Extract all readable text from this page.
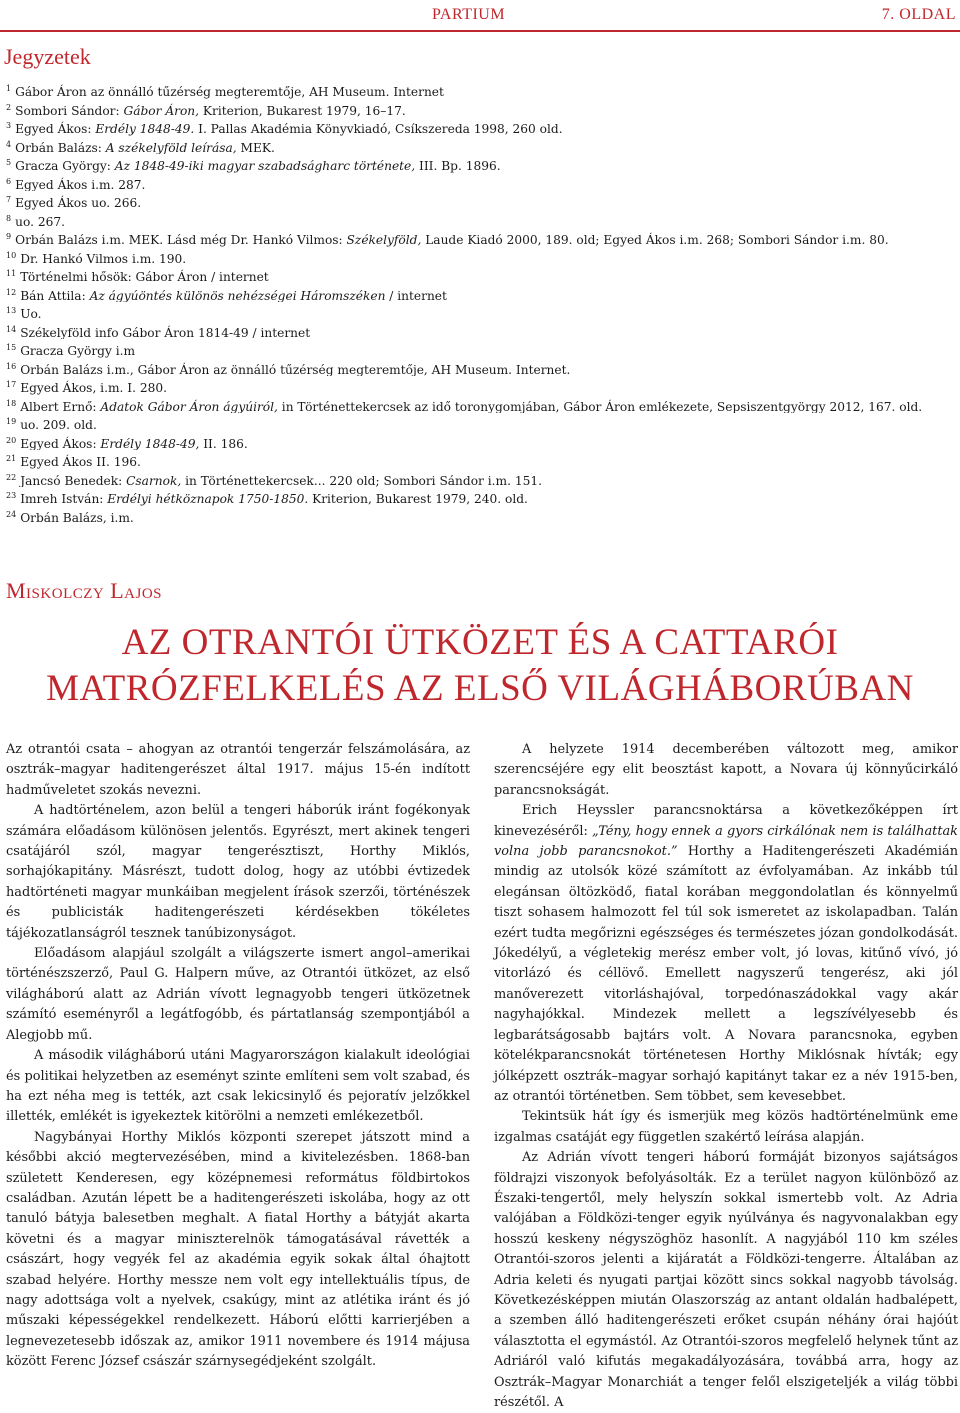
PARTIUM	7. OLDAL
Jegyzetek
$^1$ Gábor Áron az önnálló tűzérség megteremtője, AH Museum. Internet
$^2$ Sombori Sándor: Gábor Áron, Kriterion, Bukarest 1979, 16–17.
$^3$ Egyed Ákos: Erdély 1848-49. I. Pallas Akadémia Könyvkiadó, Csíkszereda 1998, 260 old.
$^4$ Orbán Balázs: A székelyföld leírása, MEK.
$^5$ Gracza György: Az 1848-49-iki magyar szabadságharc története, III. Bp. 1896.
$^6$ Egyed Ákos i.m. 287.
$^7$ Egyed Ákos uo. 266.
$^8$ uo. 267.
$^9$ Orbán Balázs i.m. MEK. Lásd még Dr. Hankó Vilmos: Székelyföld, Laude Kiadó 2000, 189. old; Egyed Ákos i.m. 268; Sombori Sándor i.m. 80.
$^{10}$ Dr. Hankó Vilmos i.m. 190.
$^{11}$ Történelmi hősök: Gábor Áron / internet
$^{12}$ Bán Attila: Az ágyúöntés különös nehézségei Háromszéken / internet
$^{13}$ Uo.
$^{14}$ Székelyföld info Gábor Áron 1814-49 / internet
$^{15}$ Gracza György i.m
$^{16}$ Orbán Balázs i.m., Gábor Áron az önnálló tűzérség megteremtője, AH Museum. Internet.
$^{17}$ Egyed Ákos, i.m. I. 280.
$^{18}$ Albert Ernő: Adatok Gábor Áron ágyúiról, in Történettekercsek az idő toronygomjában, Gábor Áron emlékezete, Sepsiszentgyörgy 2012, 167. old.
$^{19}$ uo. 209. old.
$^{20}$ Egyed Ákos: Erdély 1848-49, II. 186.
$^{21}$ Egyed Ákos II. 196.
$^{22}$ Jancsó Benedek: Csarnok, in Történettekercsek... 220 old; Sombori Sándor i.m. 151.
$^{23}$ Imreh István: Erdélyi hétköznapok 1750-1850. Kriterion, Bukarest 1979, 240. old.
$^{24}$ Orbán Balázs, i.m.
Miskolczy Lajos
AZ OTRANTÓI ÜTKÖZET ÉS A CATTARÓI
MATRÓZFELKELÉS AZ ELSŐ VILÁGHÁBORÚBAN

Az otrantói csata – ahogyan az otrantói tengerzár felszámolására, az osztrák–magyar haditengerészet által 1917. május 15-én indított hadműveletet szokás nevezni.

A hadtörténelem, azon belül a tengeri háborúk iránt fogékonyak számára előadásom különösen jelentős. Egyrészt, mert akinek tengeri csatájáról szól, magyar tengerésztiszt, Horthy Miklós, sorhajókapitány. Másrészt, tudott dolog, hogy az utóbbi évtizedek hadtörténeti magyar munkáiban megjelent írások szerzői, történészek és publicisták haditengerészeti kérdésekben tökéletes tájékozatlanságról tesznek tanúbizonyságot.

Előadásom alapjául szolgált a világszerte ismert angol–amerikai történészszerző, Paul G. Halpern műve, az Otrantói ütközet, az első világháború alatt az Adrián vívott legnagyobb tengeri ütközetnek számító eseményről a legátfogóbb, és pártatlanság szempontjából a Alegjobb mű.

A második világháború utáni Magyarországon kialakult ideológiai és politikai helyzetben az eseményt szinte említeni sem volt szabad, és ha ezt néha meg is tették, azt csak lekicsinylő és pejoratív jelzőkkel illették, emlékét is igyekeztek kitörölni a nemzeti emlékezetből.

Nagybányai Horthy Miklós központi szerepet játszott mind a későbbi akció megtervezésében, mind a kivitelezésben. 1868-ban született Kenderesen, egy középnemesi református földbirtokos családban. Azután lépett be a haditengerészeti iskolába, hogy az ott tanuló bátyja balesetben meghalt. A fiatal Horthy a bátyját akarta követni és a magyar miniszterelnök támogatásával rávették a császárt, hogy vegyék fel az akadémia egyik sokak által óhajtott szabad helyére. Horthy messze nem volt egy intellektuális típus, de nagy adottsága volt a nyelvek, csakúgy, mint az atlétika iránt és jó műszaki képességekkel rendelkezett. Háború előtti karrierjében a legnevezetesebb időszak az, amikor 1911 novembere és 1914 májusa között Ferenc József császár szárnysegédjeként szolgált.

A helyzete 1914 decemberében változott meg, amikor szerencséjére egy elit beosztást kapott, a Novara új könnyűcirkáló parancsnokságát.

Erich Heyssler parancsnoktársa a következőképpen írt kinevezéséről: „Tény, hogy ennek a gyors cirkálónak nem is találhattak volna jobb parancsnokot.” Horthy a Haditengerészeti Akadémián mindig az utolsók közé számított az évfolyamában. Az inkább túl elegánsan öltözködő, fiatal korában meggondolatlan és könnyelmű tiszt sohasem halmozott fel túl sok ismeretet az iskolapadban. Talán ezért tudta megőrizni egészséges és természetes józan gondolkodását. Jókedélyű, a végletekig merész ember volt, jó lovas, kitűnő vívó, jó vitorlázó és céllövő. Emellett nagyszerű tengerész, aki jól manőverezett vitorláshajóval, torpedónaszádokkal vagy akár nagyhajókkal. Mindezek mellett a legszívélyesebb és legbarátságosabb bajtárs volt. A Novara parancsnoka, egyben kötelékparancsnokát történetesen Horthy Miklósnak hívták; egy jólképzett osztrák–magyar sorhajó kapitányt takar ez a név 1915-ben, az otrantói történetben. Sem többet, sem kevesebbet.

Tekintsük hát így és ismerjük meg közös hadtörténelmünk eme izgalmas csatáját egy független szakértő leírása alapján.

Az Adrián vívott tengeri háború formáját bizonyos sajátságos földrajzi viszonyok befolyásolták. Ez a terület nagyon különböző az Északi-tengertől, mely helyszín sokkal ismertebb volt. Az Adria valójában a Földközi-tenger egyik nyúlványa és nagyvonalakban egy hosszú keskeny négyszöghöz hasonlít. A nagyjából 110 km széles Otrantói-szoros jelenti a kijáratát a Földközi-tengerre. Általában az Adria keleti és nyugati partjai között sincs sokkal nagyobb távolság. Következésképpen miután Olaszország az antant oldalán hadbalépett, a szemben álló haditengerészeti erőket csupán néhány órai hajóút választotta el egymástól. Az Otrantói-szoros megfelelő helynek tűnt az Adriáról való kifutás megakadályozására, továbbá arra, hogy az Osztrák–Magyar Monarchiát a tenger felől elszigeteljék a világ többi részétől. A
